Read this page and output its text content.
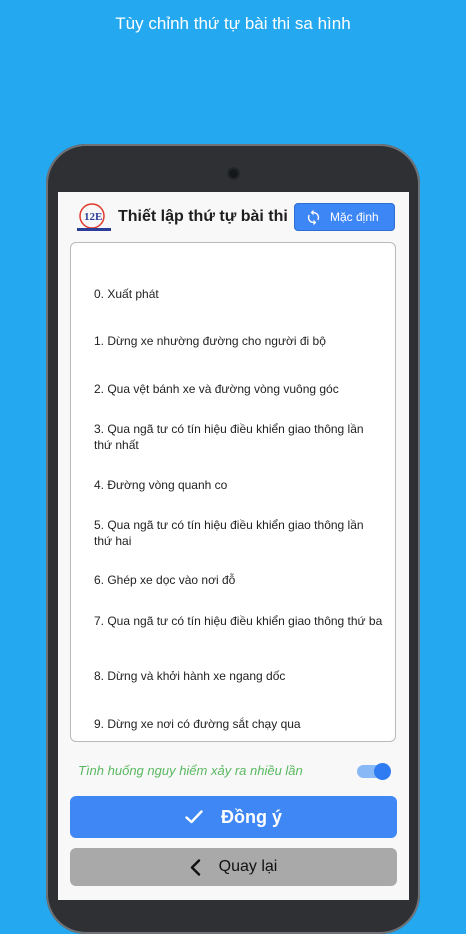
Tùy chỉnh thứ tự bài thi sa hình
12E Thiết lập thứ tự bài thi	Mặc định
0. Xuất phát
1. Dừng xe nhường đường cho người đi bộ
2. Qua vệt bánh xe và đường vòng vuông góc
3. Qua ngã tư có tín hiệu điều khiển giao thông lần thứ nhất
4. Đường vòng quanh co
5. Qua ngã tư có tín hiệu điều khiển giao thông lần thứ hai
6. Ghép xe dọc vào nơi đỗ
7. Qua ngã tư có tín hiệu điều khiển giao thông thứ ba
8. Dừng và khởi hành xe ngang dốc
9. Dừng xe nơi có đường sắt chạy qua
Tình huống nguy hiểm xảy ra nhiều lần
Đồng ý
Quay lại
